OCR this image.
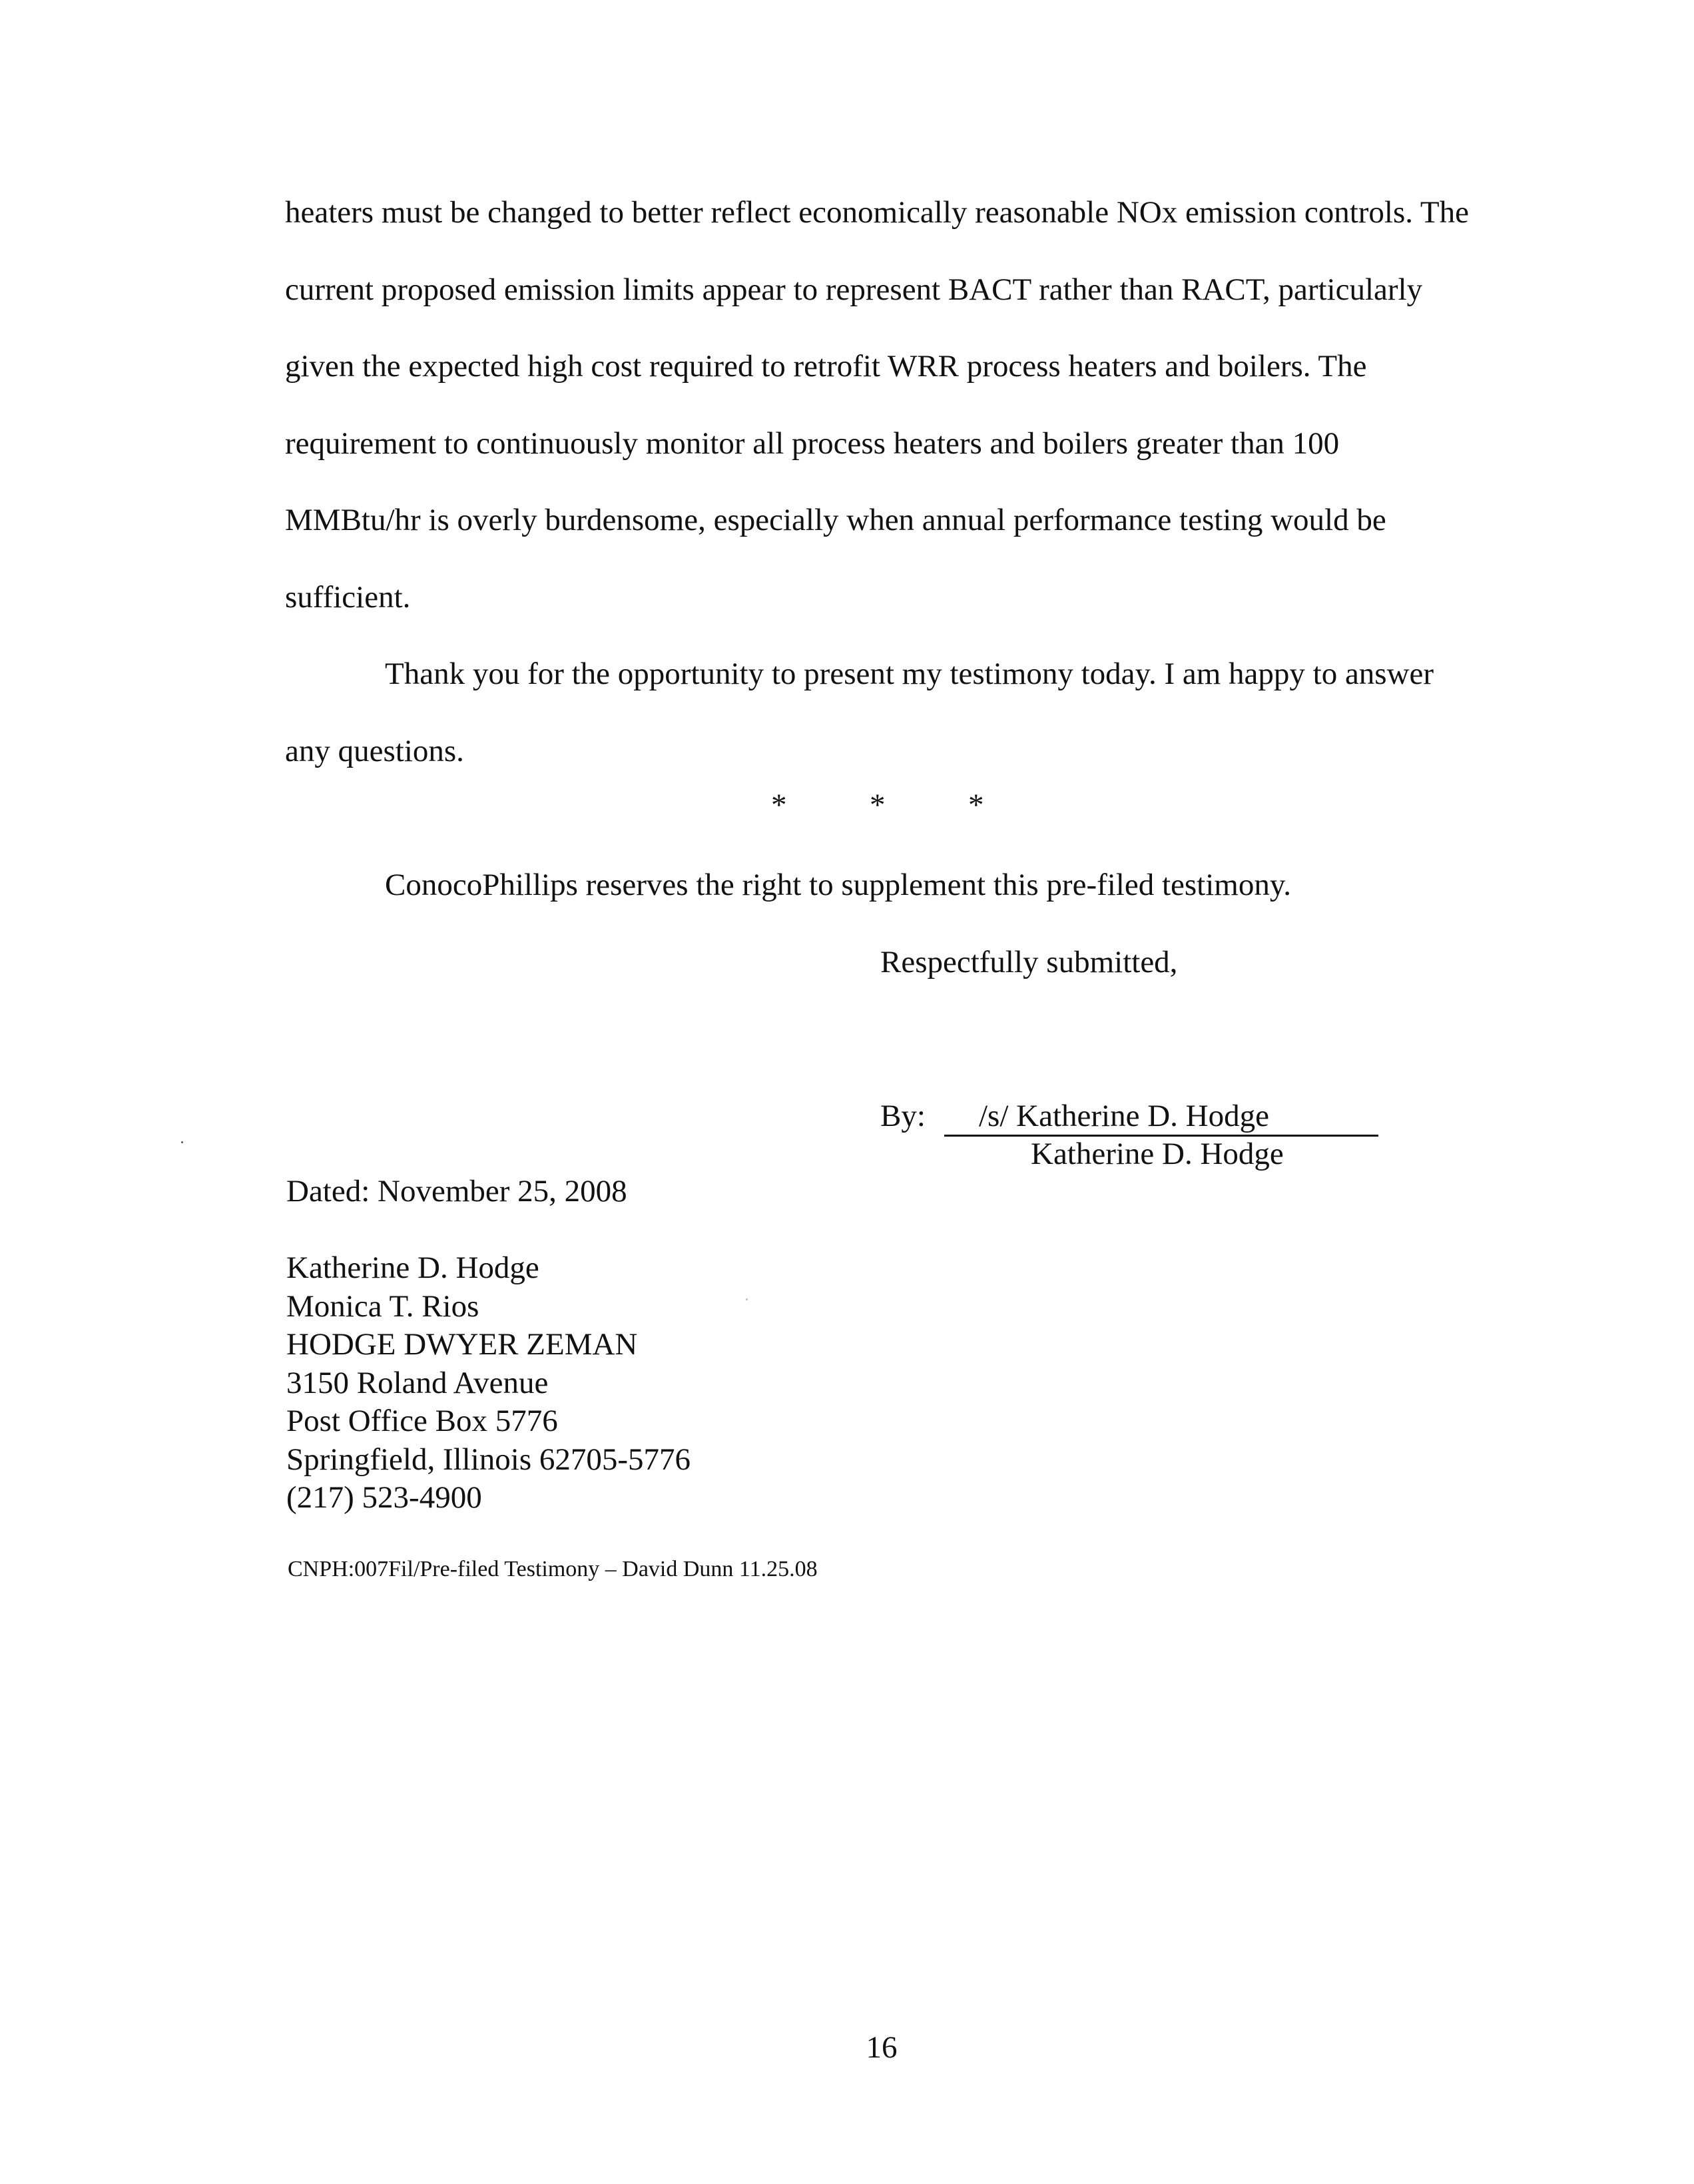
heaters must be changed to better reflect economically reasonable NOx emission controls. The current proposed emission limits appear to represent BACT rather than RACT, particularly given the expected high cost required to retrofit WRR process heaters and boilers. The requirement to continuously monitor all process heaters and boilers greater than 100 MMBtu/hr is overly burdensome, especially when annual performance testing would be sufficient.

Thank you for the opportunity to present my testimony today. I am happy to answer any questions.

*	*	*
ConocoPhillips reserves the right to supplement this pre-filed testimony.
Respectfully submitted,
By: /s/ Katherine D. Hodge
Katherine D. Hodge
Dated: November 25, 2008
Katherine D. Hodge
Monica T. Rios
HODGE DWYER ZEMAN
3150 Roland Avenue
Post Office Box 5776
Springfield, Illinois 62705-5776
(217) 523-4900
CNPH:007Fil/Pre-filed Testimony – David Dunn 11.25.08
16
